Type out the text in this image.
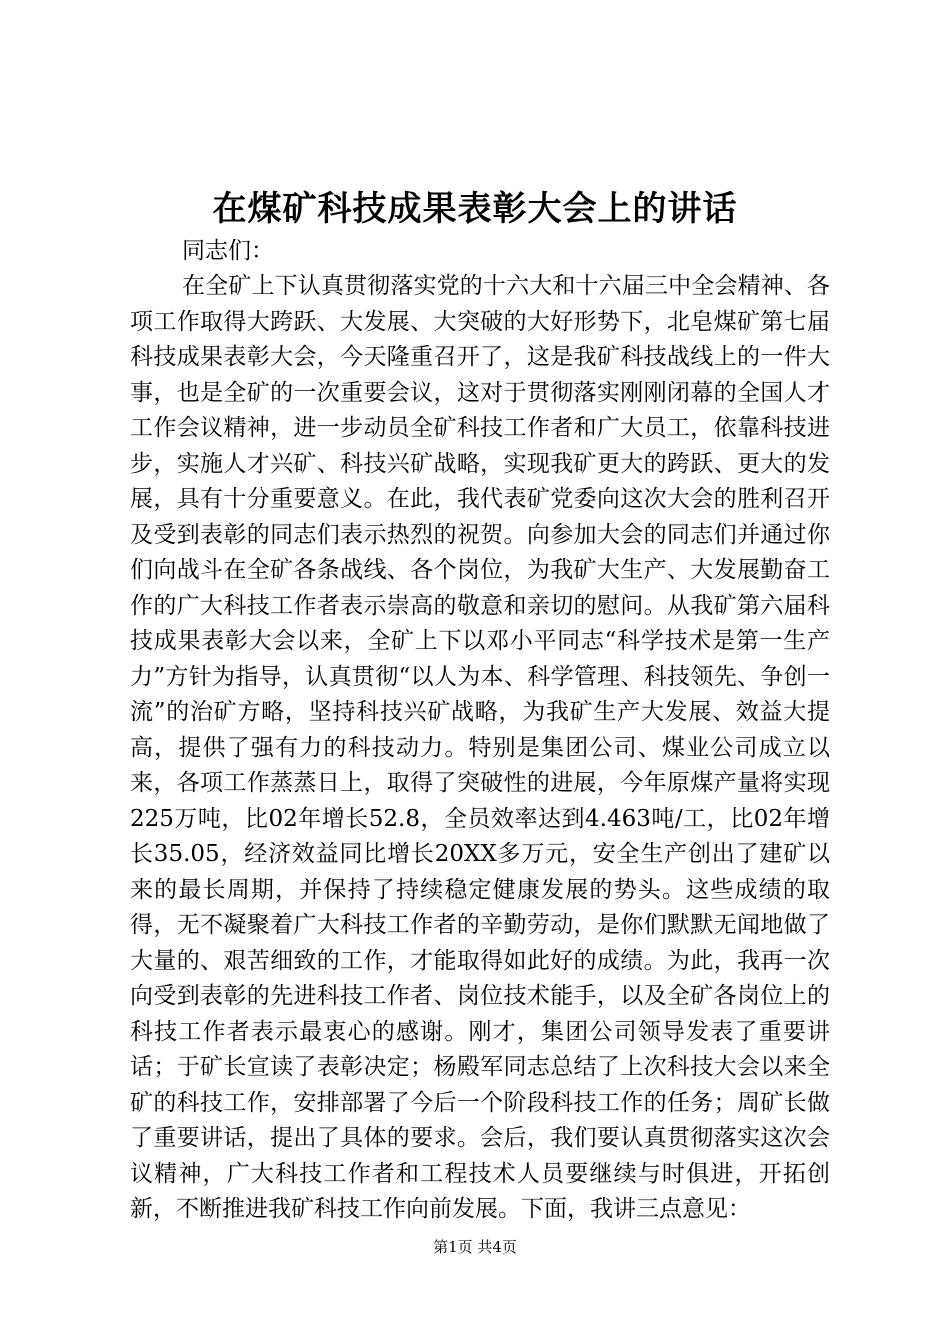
在煤矿科技成果表彰大会上的讲话
同志们：

在全矿上下认真贯彻落实党的十六大和十六届三中全会精神、各项工作取得大跨跃、大发展、大突破的大好形势下，北皂煤矿第七届科技成果表彰大会，今天隆重召开了，这是我矿科技战线上的一件大事，也是全矿的一次重要会议，这对于贯彻落实刚刚闭幕的全国人才工作会议精神，进一步动员全矿科技工作者和广大员工，依靠科技进步，实施人才兴矿、科技兴矿战略，实现我矿更大的跨跃、更大的发展，具有十分重要意义。在此，我代表矿党委向这次大会的胜利召开及受到表彰的同志们表示热烈的祝贺。向参加大会的同志们并通过你们向战斗在全矿各条战线、各个岗位，为我矿大生产、大发展勤奋工作的广大科技工作者表示崇高的敬意和亲切的慰问。从我矿第六届科技成果表彰大会以来，全矿上下以邓小平同志“科学技术是第一生产力”方针为指导，认真贯彻“以人为本、科学管理、科技领先、争创一流”的治矿方略，坚持科技兴矿战略，为我矿生产大发展、效益大提高，提供了强有力的科技动力。特别是集团公司、煤业公司成立以来，各项工作蒸蒸日上，取得了突破性的进展，今年原煤产量将实现225万吨，比02年增长52.8，全员效率达到4.463吨/工，比02年增长35.05，经济效益同比增长20XX多万元，安全生产创出了建矿以来的最长周期，并保持了持续稳定健康发展的势头。这些成绩的取得，无不凝聚着广大科技工作者的辛勤劳动，是你们默默无闻地做了大量的、艰苦细致的工作，才能取得如此好的成绩。为此，我再一次向受到表彰的先进科技工作者、岗位技术能手，以及全矿各岗位上的科技工作者表示最衷心的感谢。刚才，集团公司领导发表了重要讲话；于矿长宣读了表彰决定；杨殿军同志总结了上次科技大会以来全矿的科技工作，安排部署了今后一个阶段科技工作的任务；周矿长做了重要讲话，提出了具体的要求。会后，我们要认真贯彻落实这次会议精神，广大科技工作者和工程技术人员要继续与时俱进，开拓创新，不断推进我矿科技工作向前发展。下面，我讲三点意见：

第1页 共4页
